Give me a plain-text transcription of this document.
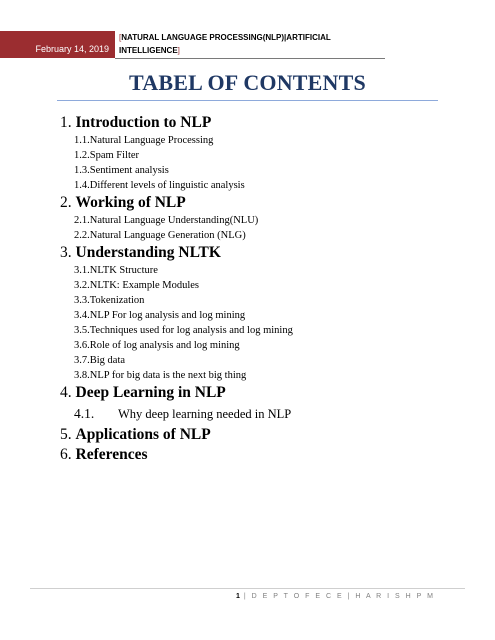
February 14, 2019
[NATURAL LANGUAGE PROCESSING(NLP)|ARTIFICIAL INTELLIGENCE]
TABEL OF CONTENTS
1. Introduction to NLP
1.1.Natural Language Processing
1.2.Spam Filter
1.3.Sentiment analysis
1.4.Different levels of linguistic analysis
2. Working of NLP
2.1.Natural Language Understanding(NLU)
2.2.Natural Language Generation (NLG)
3. Understanding NLTK
3.1.NLTK Structure
3.2.NLTK: Example Modules
3.3.Tokenization
3.4.NLP For log analysis and log mining
3.5.Techniques used for log analysis and log mining
3.6.Role of log analysis and log mining
3.7.Big data
3.8.NLP for big data is the next big thing
4. Deep Learning in NLP
4.1. Why deep learning needed in NLP
5. Applications of NLP
6. References
1 | D E P T O F E C E | H A R I S H P M
